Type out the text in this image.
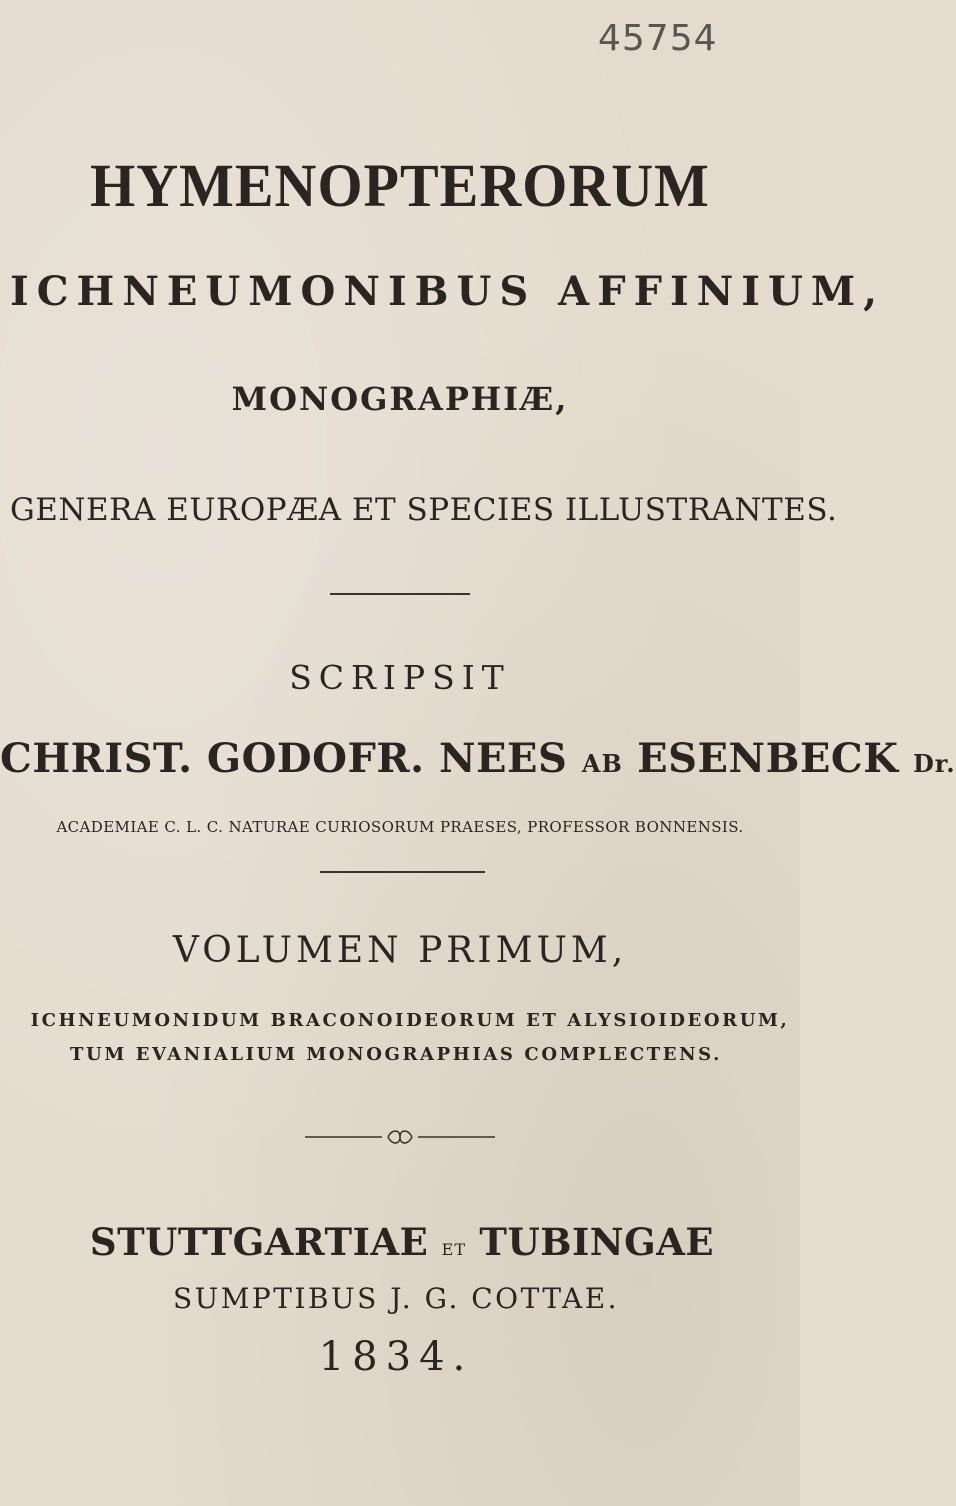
45754
HYMENOPTERORUM
ICHNEUMONIBUS AFFINIUM,
MONOGRAPHIÆ,
GENERA EUROPÆA ET SPECIES ILLUSTRANTES.
SCRIPSIT
CHRIST. GODOFR. NEES AB ESENBECK Dr.
ACADEMIAE C. L. C. NATURAE CURIOSORUM PRAESES, PROFESSOR BONNENSIS.
VOLUMEN PRIMUM,
ICHNEUMONIDUM BRACONOIDEORUM ET ALYSIOIDEORUM,
TUM EVANIALIUM MONOGRAPHIAS COMPLECTENS.
STUTTGARTIAE ET TUBINGAE
SUMPTIBUS J. G. COTTAE.
1834.
